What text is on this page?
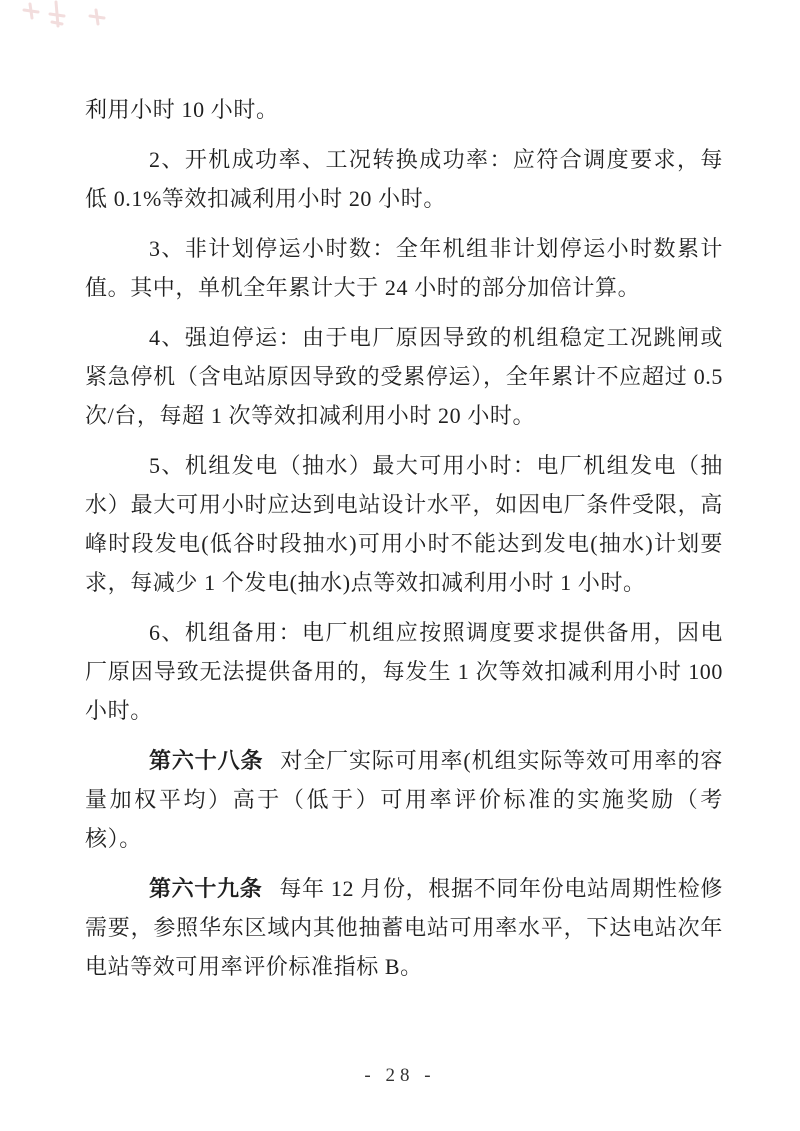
利用小时 10 小时。

2、开机成功率、工况转换成功率：应符合调度要求，每低 0.1%等效扣减利用小时 20 小时。

3、非计划停运小时数：全年机组非计划停运小时数累计值。其中，单机全年累计大于 24 小时的部分加倍计算。

4、强迫停运：由于电厂原因导致的机组稳定工况跳闸或紧急停机（含电站原因导致的受累停运），全年累计不应超过 0.5 次/台，每超 1 次等效扣减利用小时 20 小时。

5、机组发电（抽水）最大可用小时：电厂机组发电（抽水）最大可用小时应达到电站设计水平，如因电厂条件受限，高峰时段发电(低谷时段抽水)可用小时不能达到发电(抽水)计划要求，每减少 1 个发电(抽水)点等效扣减利用小时 1 小时。

6、机组备用：电厂机组应按照调度要求提供备用，因电厂原因导致无法提供备用的，每发生 1 次等效扣减利用小时 100 小时。

第六十八条 对全厂实际可用率(机组实际等效可用率的容量加权平均）高于（低于）可用率评价标准的实施奖励（考核）。

第六十九条 每年 12 月份，根据不同年份电站周期性检修需要，参照华东区域内其他抽蓄电站可用率水平，下达电站次年电站等效可用率评价标准指标 B。

- 28 -
